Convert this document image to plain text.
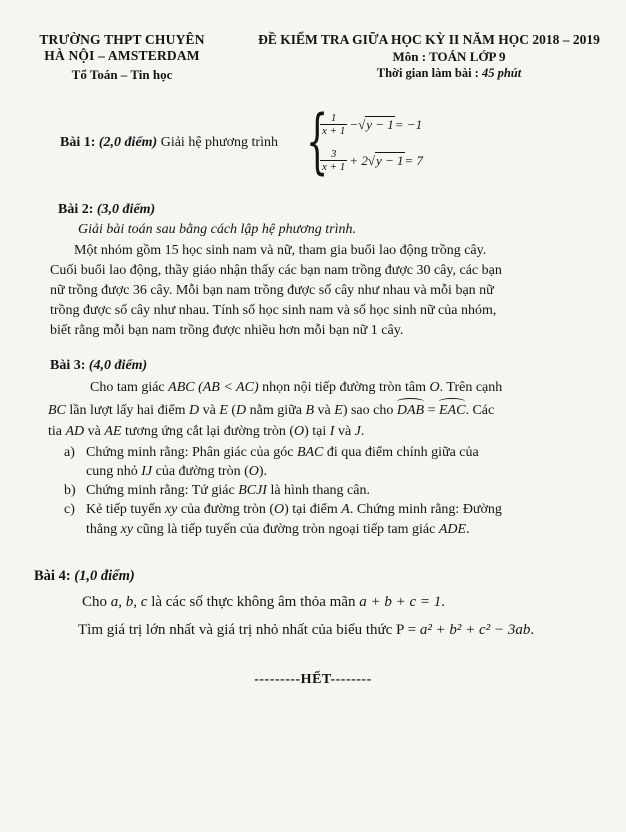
TRƯỜNG THPT CHUYÊN
HÀ NỘI – AMSTERDAM
Tổ Toán – Tin học
ĐỀ KIỂM TRA GIỮA HỌC KỲ II NĂM HỌC 2018 – 2019
Môn : TOÁN LỚP 9
Thời gian làm bài : 45 phút
Bài 1: (2,0 điểm) Giải hệ phương trình {
$\frac{1}{x + 1}$ − √ y − 1 = −1
$\frac{3}{x + 1} + 2$ √ y − 1 = 7
Bài 2: (3,0 điểm)
Giải bài toán sau bằng cách lập hệ phương trình.
Một nhóm gồm 15 học sinh nam và nữ, tham gia buổi lao động trồng cây.
Cuối buổi lao động, thầy giáo nhận thấy các bạn nam trồng được 30 cây, các bạn
nữ trồng được 36 cây. Mỗi bạn nam trồng được số cây như nhau và mỗi bạn nữ
trồng được số cây như nhau. Tính số học sinh nam và số học sinh nữ của nhóm,
biết rằng mỗi bạn nam trồng được nhiều hơn mỗi bạn nữ 1 cây.
Bài 3: (4,0 điểm)
Cho tam giác ABC (AB < AC) nhọn nội tiếp đường tròn tâm O. Trên cạnh
BC lần lượt lấy hai điểm D và E (D nằm giữa B và E) sao cho DAB = EAC. Các
tia AD và AE tương ứng cắt lại đường tròn (O) tại I và J.
a) Chứng minh rằng: Phân giác của góc BAC đi qua điểm chính giữa của
cung nhỏ IJ của đường tròn (O).
b) Chứng minh rằng: Tứ giác BCJI là hình thang cân.
c) Kẻ tiếp tuyến xy của đường tròn (O) tại điểm A. Chứng minh rằng: Đường
thẳng xy cũng là tiếp tuyến của đường tròn ngoại tiếp tam giác ADE.
Bài 4: (1,0 điểm)
Cho a, b, c là các số thực không âm thỏa mãn a + b + c = 1.
Tìm giá trị lớn nhất và giá trị nhỏ nhất của biểu thức P = a² + b² + c² − 3ab.
---------HẾT--------
